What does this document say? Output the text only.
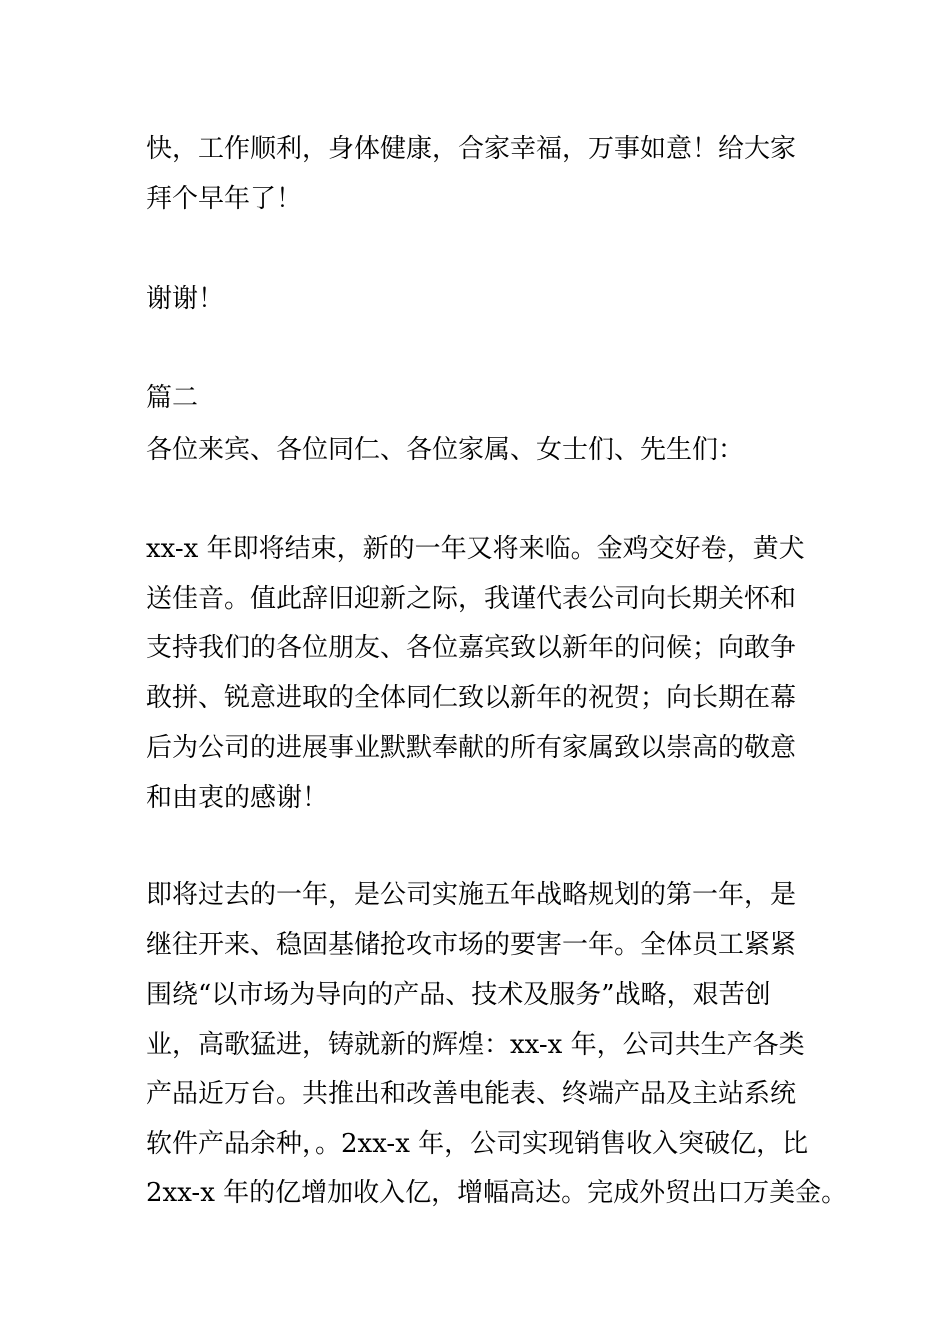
快，工作顺利，身体健康，合家幸福，万事如意！给大家
拜个早年了！
谢谢！
篇二
各位来宾、各位同仁、各位家属、女士们、先生们：
xx-x 年即将结束，新的一年又将来临。金鸡交好卷，黄犬
送佳音。值此辞旧迎新之际，我谨代表公司向长期关怀和
支持我们的各位朋友、各位嘉宾致以新年的问候；向敢争
敢拼、锐意进取的全体同仁致以新年的祝贺；向长期在幕
后为公司的进展事业默默奉献的所有家属致以崇高的敬意
和由衷的感谢！
即将过去的一年，是公司实施五年战略规划的第一年，是
继往开来、稳固基储抢攻市场的要害一年。全体员工紧紧
围绕“以市场为导向的产品、技术及服务”战略，艰苦创
业，高歌猛进，铸就新的辉煌：xx-x 年，公司共生产各类
产品近万台。共推出和改善电能表、终端产品及主站系统
软件产品余种，。2xx-x 年，公司实现销售收入突破亿，比
2xx-x 年的亿增加收入亿，增幅高达。完成外贸出口万美金。
